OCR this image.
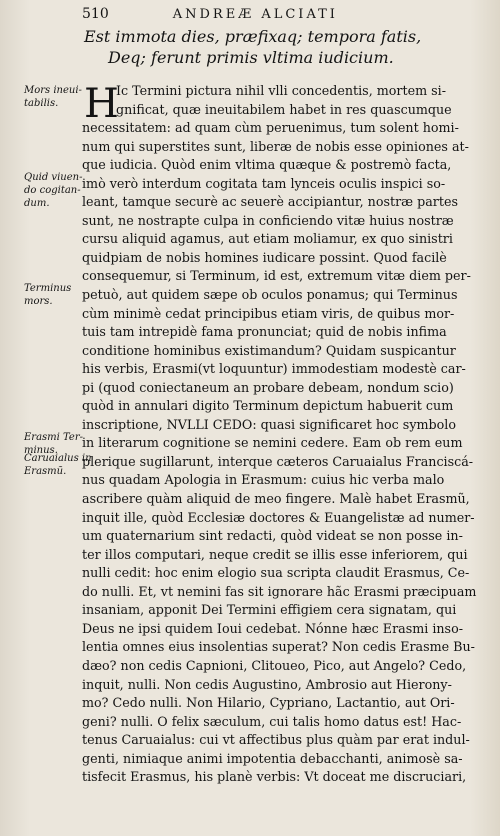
510	ANDREÆ ALCIATI
Est immota dies, præfixaq; tempora fatis,
Deq; ferunt primis vltima iudicium.
Mors ineui-tabilis.
Quid viuen-do cogitan-dum.
Terminus mors.
Erasmi Ter-minus.
Caruaialus in Erasmũ.
H
Ic Termini pictura nihil vlli concedentis, mortem si-
gnificat, quæ ineuitabilem habet in res quascumque
necessitatem: ad quam cùm peruenimus, tum solent homi-
num qui superstites sunt, liberæ de nobis esse opiniones at-
que iudicia. Quòd enim vltima quæque & postremò facta,
imò verò interdum cogitata tam lynceis oculis inspici so-
leant, tamque securè ac seuerè accipiantur, nostræ partes
sunt, ne nostrapte culpa in conficiendo vitæ huius nostræ
cursu aliquid agamus, aut etiam moliamur, ex quo sinistri
quidpiam de nobis homines iudicare possint. Quod facilè
consequemur, si Terminum, id est, extremum vitæ diem per-
petuò, aut quidem sæpe ob oculos ponamus; qui Terminus
cùm minimè cedat principibus etiam viris, de quibus mor-
tuis tam intrepidè fama pronunciat; quid de nobis infima
conditione hominibus existimandum? Quidam suspicantur
his verbis, Erasmi(vt loquuntur) immodestiam modestè car-
pi (quod coniectaneum an probare debeam, nondum scio)
quòd in annulari digito Terminum depictum habuerit cum
inscriptione, NVLLI CEDO: quasi significaret hoc symbolo
in literarum cognitione se nemini cedere. Eam ob rem eum
plerique sugillarunt, interque cæteros Caruaialus Franciscá-
nus quadam Apologia in Erasmum: cuius hic verba malo
ascribere quàm aliquid de meo fingere. Malè habet Erasmũ,
inquit ille, quòd Ecclesiæ doctores & Euangelistæ ad numer-
um quaternarium sint redacti, quòd videat se non posse in-
ter illos computari, neque credit se illis esse inferiorem, qui
nulli cedit: hoc enim elogio sua scripta claudit Erasmus, Ce-
do nulli. Et, vt nemini fas sit ignorare hãc Erasmi præcipuam
insaniam, apponit Dei Termini effigiem cera signatam, qui
Deus ne ipsi quidem Ioui cedebat. Nónne hæc Erasmi inso-
lentia omnes eius insolentias superat? Non cedis Erasme Bu-
dæo? non cedis Capnioni, Clitoueo, Pico, aut Angelo? Cedo,
inquit, nulli. Non cedis Augustino, Ambrosio aut Hierony-
mo? Cedo nulli. Non Hilario, Cypriano, Lactantio, aut Ori-
geni? nulli. O felix sæculum, cui talis homo datus est! Hac-
tenus Caruaialus: cui vt affectibus plus quàm par erat indul-
genti, nimiaque animi impotentia debacchanti, animosè sa-
tisfecit Erasmus, his planè verbis: Vt doceat me discruciari,
